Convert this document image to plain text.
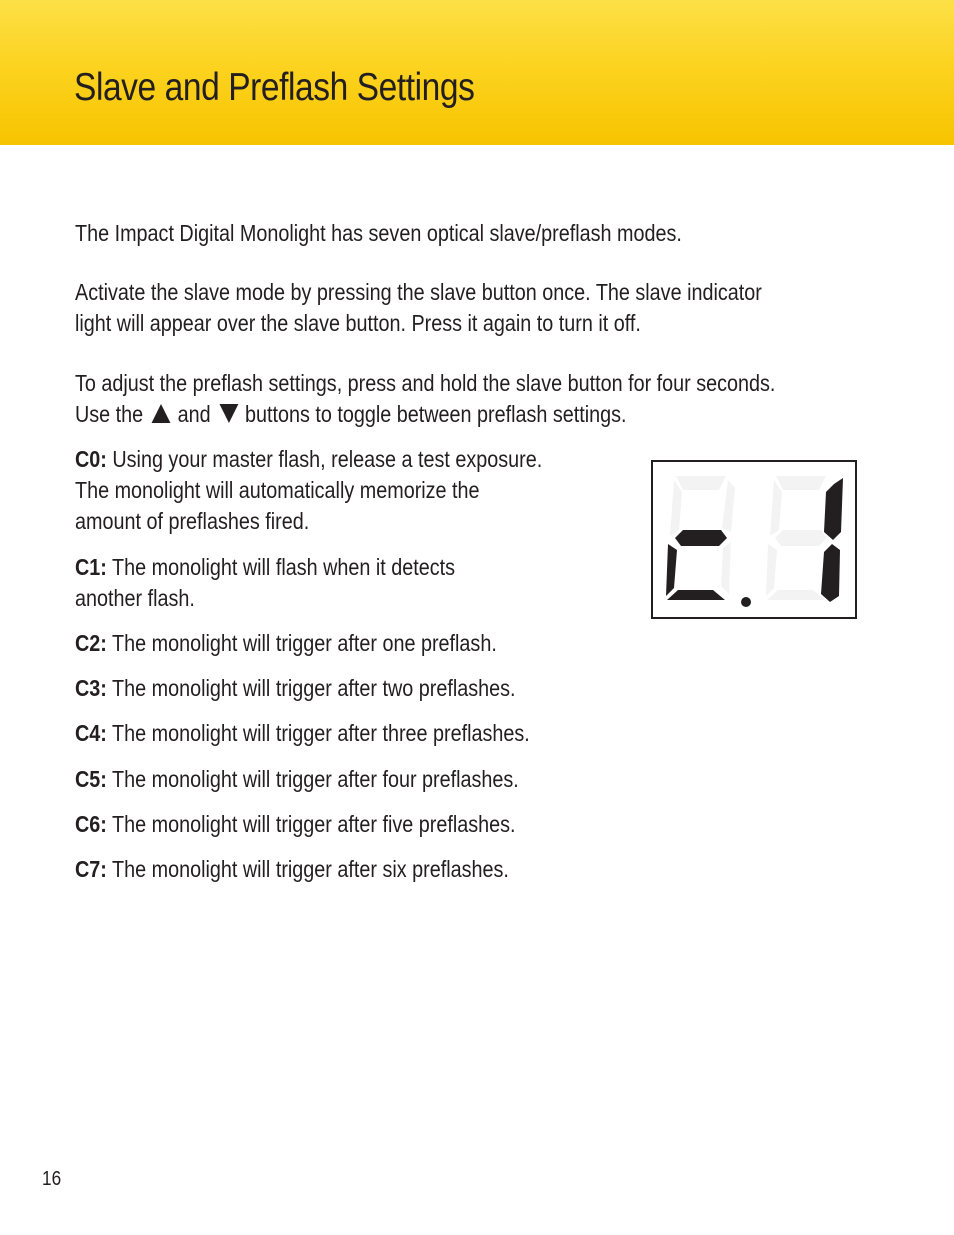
Slave and Preflash Settings
The Impact Digital Monolight has seven optical slave/preflash modes.
Activate the slave mode by pressing the slave button once. The slave indicator
light will appear over the slave button. Press it again to turn it off.
To adjust the preflash settings, press and hold the slave button for four seconds.
Use the and buttons to toggle between preflash settings.
C0: Using your master flash, release a test exposure.
The monolight will automatically memorize the
amount of preflashes fired.
C1: The monolight will flash when it detects
another flash.
C2: The monolight will trigger after one preflash.
C3: The monolight will trigger after two preflashes.
C4: The monolight will trigger after three preflashes.
C5: The monolight will trigger after four preflashes.
C6: The monolight will trigger after five preflashes.
C7: The monolight will trigger after six preflashes.
16
